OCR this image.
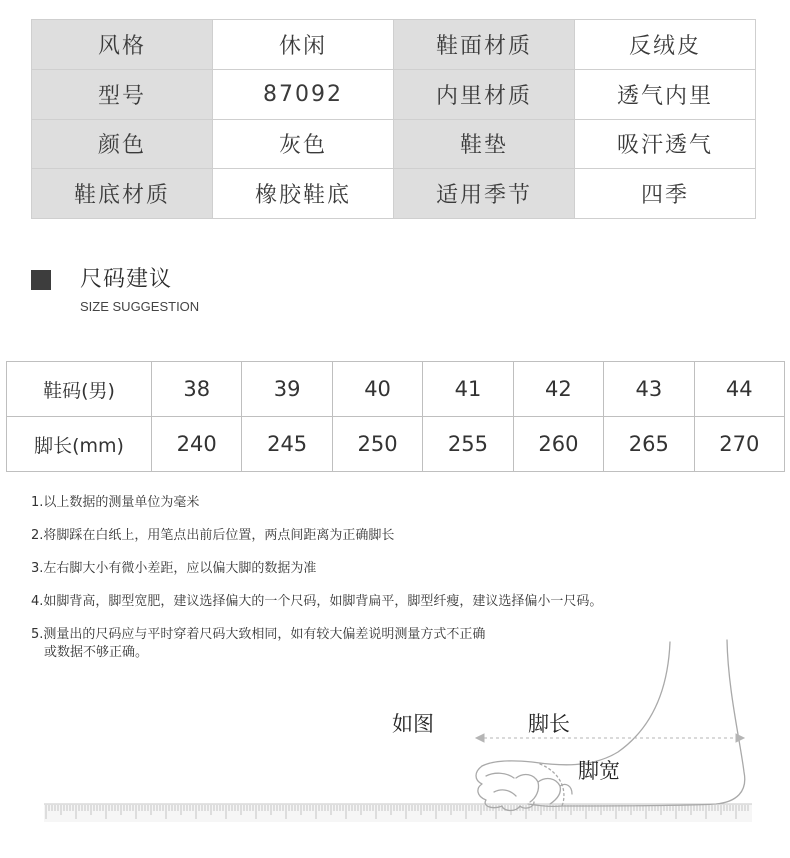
风格	休闲	鞋面材质	反绒皮
型号	87092	内里材质	透气内里
颜色	灰色	鞋垫	吸汗透气
鞋底材质	橡胶鞋底	适用季节	四季
尺码建议
SIZE SUGGESTION
鞋码(男)	38	39	40	41	42	43	44
脚长(mm)	240	245	250	255	260	265	270
1.以上数据的测量单位为毫米
2.将脚踩在白纸上，用笔点出前后位置，两点间距离为正确脚长
3.左右脚大小有微小差距，应以偏大脚的数据为准
4.如脚背高，脚型宽肥，建议选择偏大的一个尺码，如脚背扁平，脚型纤瘦，建议选择偏小一尺码。
5.测量出的尺码应与平时穿着尺码大致相同，如有较大偏差说明测量方式不正确
或数据不够正确。
如图	脚长
脚宽
